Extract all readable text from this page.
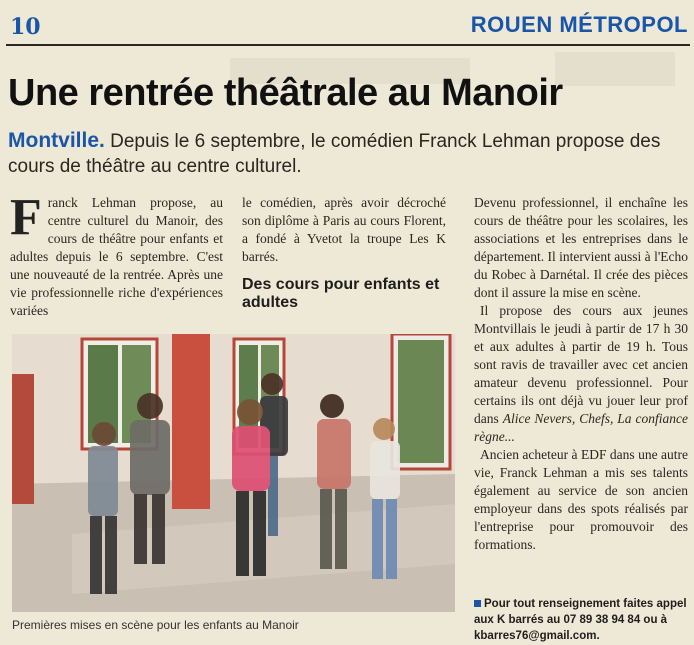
10	ROUEN MÉTROPOL
Une rentrée théâtrale au Manoir

Montville. Depuis le 6 septembre, le comédien Franck Lehman propose des cours de théâtre au centre culturel.

F ranck Lehman propose, au centre culturel du Manoir, des cours de théâtre pour enfants et adultes depuis le 6 septembre. C'est une nouveauté de la rentrée. Après une vie professionnelle riche d'expériences variées

le comédien, après avoir décroché son diplôme à Paris au cours Florent, a fondé à Yvetot la troupe Les K barrés.

Des cours pour enfants et adultes

Devenu professionnel, il enchaîne les cours de théâtre pour les scolaires, les associations et les entreprises dans le département. Il intervient aussi à l'Echo du Robec à Darnétal. Il crée des pièces dont il assure la mise en scène.

Il propose des cours aux jeunes Montvillais le jeudi à partir de 17 h 30 et aux adultes à partir de 19 h. Tous sont ravis de travailler avec cet ancien amateur devenu professionnel. Pour certains ils ont déjà vu jouer leur prof dans Alice Nevers, Chefs, La confiance règne...

Ancien acheteur à EDF dans une autre vie, Franck Lehman a mis ses talents également au service de son ancien employeur dans des spots réalisés par l'entreprise pour promouvoir des formations.

Pour tout renseignement faites appel aux K barrés au 07 89 38 94 84 ou à kbarres76@gmail.com.
Premières mises en scène pour les enfants au Manoir
